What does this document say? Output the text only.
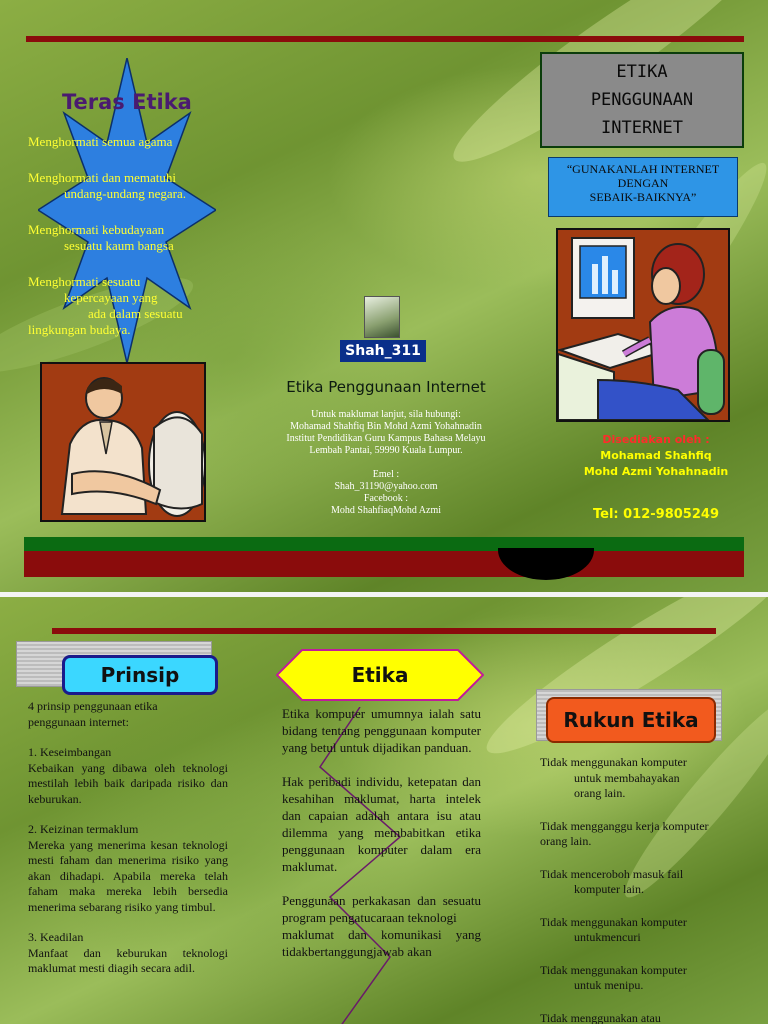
Teras Etika

Menghormati semua agama

Menghormati dan mematuhi
undang-undang negara.

Menghormati kebudayaan
sesuatu kaum bangsa

Menghormati sesuatu
kepercayaan yang
ada dalam sesuatu
lingkungan budaya.

Shah_311
Etika Penggunaan Internet
Untuk maklumat lanjut, sila hubungi:
Mohamad Shahfiq Bin Mohd Azmi Yohahnadin
Institut Pendidikan Guru Kampus Bahasa Melayu
Lembah Pantai, 59990 Kuala Lumpur.
Emel :
Shah_31190@yahoo.com
Facebook :
Mohd ShahfiaqMohd Azmi
ETIKA
PENGGUNAAN
INTERNET
“GUNAKANLAH INTERNET
DENGAN
SEBAIK-BAIKNYA”
Disediakan oleh :
Mohamad Shahfiq
Mohd Azmi Yohahnadin
Tel: 012-9805249
Prinsip

4 prinsip penggunaan etika
penggunaan internet:

1. Keseimbangan
Kebaikan yang dibawa oleh teknologi mestilah lebih baik daripada risiko dan keburukan.

2. Keizinan termaklum
Mereka yang menerima kesan teknologi mesti faham dan menerima risiko yang akan dihadapi. Apabila mereka telah faham maka mereka lebih bersedia menerima sebarang risiko yang timbul.

3. Keadilan
Manfaat dan keburukan teknologi maklumat mesti diagih secara adil.

Etika

Etika komputer umumnya ialah satu bidang tentang penggunaan komputer yang betul untuk dijadikan panduan.

Hak peribadi individu, ketepatan dan kesahihan maklumat, harta intelek dan capaian adalah antara isu atau dilemma yang membabitkan etika penggunaan komputer dalam era maklumat.

Penggunaan perkakasan dan sesuatu program pengatucaraan teknologi
maklumat dan komunikasi yang tidakbertanggungjawab akan

Rukun Etika

Tidak menggunakan komputer
untuk membahayakan
orang lain.

Tidak mengganggu kerja komputer
orang lain.

Tidak menceroboh masuk fail
komputer lain.

Tidak menggunakan komputer
untukmencuri

Tidak menggunakan komputer
untuk menipu.

Tidak menggunakan atau
